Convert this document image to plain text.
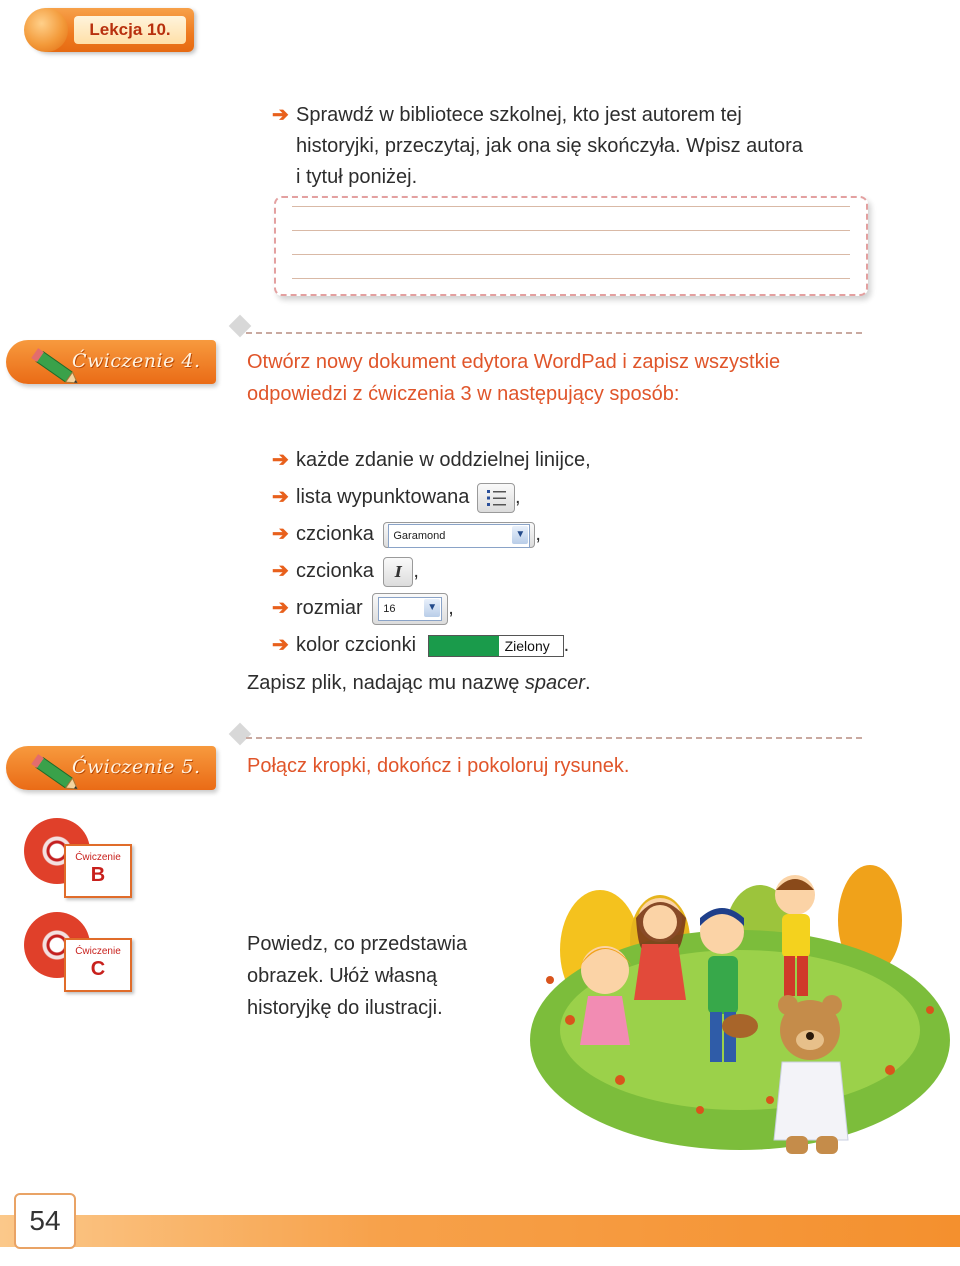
Lekcja 10.
➔ Sprawdź w bibliotece szkolnej, kto jest autorem tej
historyjki, przeczytaj, jak ona się skończyła. Wpisz autora
i tytuł poniżej.
Ćwiczenie 4. Otwórz nowy dokument edytora WordPad i zapisz wszystkie
odpowiedzi z ćwiczenia 3 w następujący sposób:
➔ każde zdanie w oddzielnej linijce,
➔ lista wypunktowana ,
➔ czcionka	Garamond	▼ ,
➔ czcionka I ,
➔ rozmiar	16	▼ ,
➔ kolor czcionki	Zielony .
Zapisz plik, nadając mu nazwę spacer.
Ćwiczenie 5. Połącz kropki, dokończ i pokoloruj rysunek.
Ćwiczenie
B
Ćwiczenie
C
Powiedz, co przedstawia
obrazek. Ułóż własną
historyjkę do ilustracji.
54
